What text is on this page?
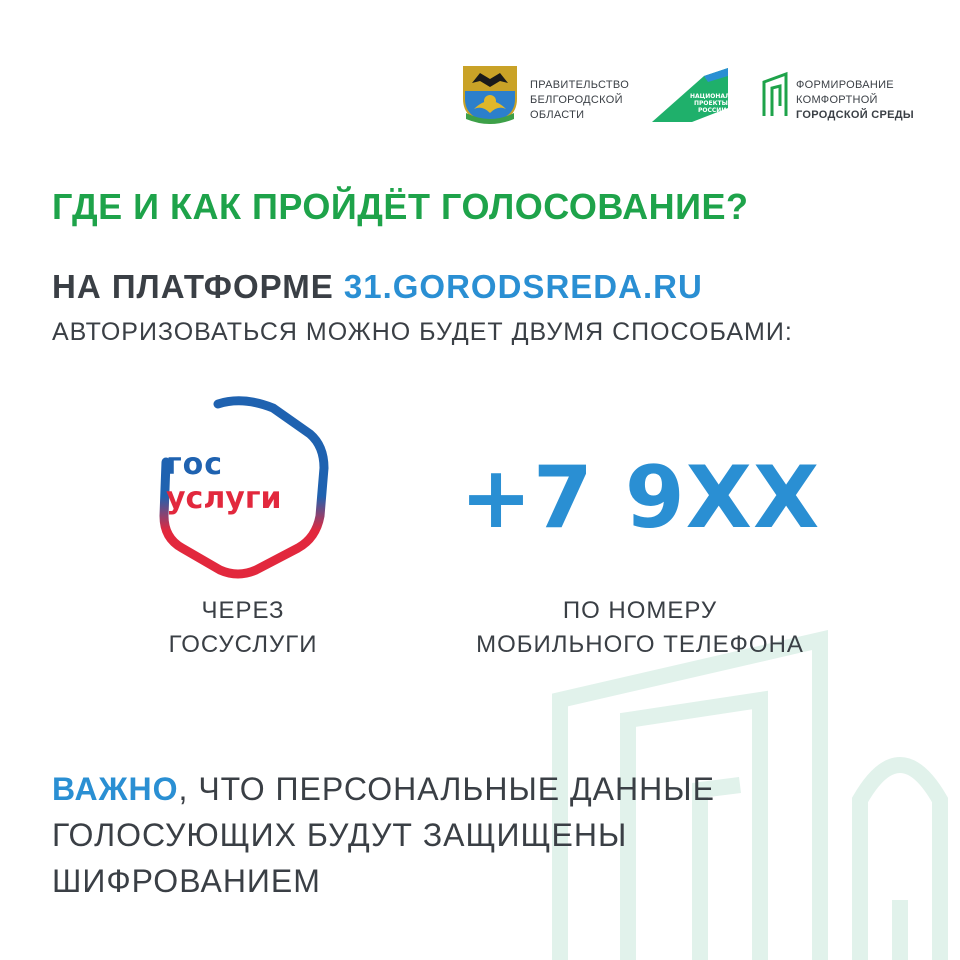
ПРАВИТЕЛЬСТВО
БЕЛГОРОДСКОЙ
ОБЛАСТИ
НАЦИОНАЛЬНЫЕ
ПРОЕКТЫ
РОССИИ
ФОРМИРОВАНИЕ
КОМФОРТНОЙ
ГОРОДСКОЙ СРЕДЫ
ГДЕ И КАК ПРОЙДЁТ ГОЛОСОВАНИЕ?
НА ПЛАТФОРМЕ 31.GORODSREDA.RU
АВТОРИЗОВАТЬСЯ МОЖНО БУДЕТ ДВУМЯ СПОСОБАМИ:
гос
услуги +7 9XX
ЧЕРЕЗ
ГОСУСЛУГИ
ПО НОМЕРУ
МОБИЛЬНОГО ТЕЛЕФОНА
ВАЖНО, ЧТО ПЕРСОНАЛЬНЫЕ ДАННЫЕ
ГОЛОСУЮЩИХ БУДУТ ЗАЩИЩЕНЫ
ШИФРОВАНИЕМ
